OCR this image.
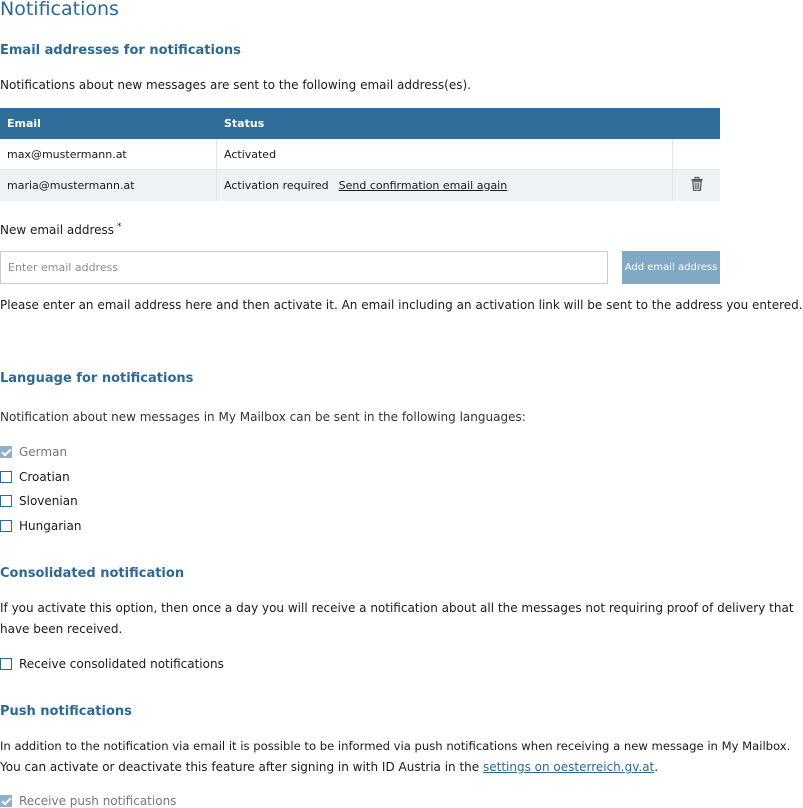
Notifications
Email addresses for notifications
Notifications about new messages are sent to the following email address(es).
Email	Status
max@mustermann.at	Activated
maria@mustermann.at	Activation required Send confirmation email again
New email address *
Enter email address
Add email address
Please enter an email address here and then activate it. An email including an activation link will be sent to the address you entered.
Language for notifications
Notification about new messages in My Mailbox can be sent in the following languages:
German
Croatian
Slovenian
Hungarian
Consolidated notification
If you activate this option, then once a day you will receive a notification about all the messages not requiring proof of delivery that
have been received.
Receive consolidated notifications
Push notifications
In addition to the notification via email it is possible to be informed via push notifications when receiving a new message in My Mailbox.
You can activate or deactivate this feature after signing in with ID Austria in the settings on oesterreich.gv.at.
Receive push notifications
